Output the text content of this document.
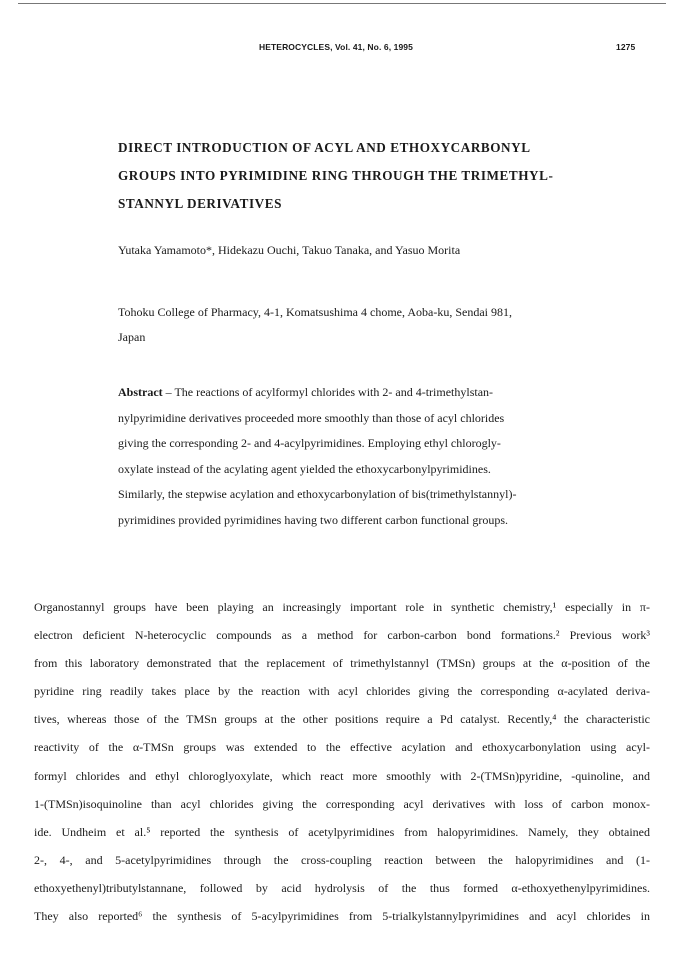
HETEROCYCLES, Vol. 41, No. 6, 1995	1275
DIRECT INTRODUCTION OF ACYL AND ETHOXYCARBONYL
GROUPS INTO PYRIMIDINE RING THROUGH THE TRIMETHYL-
STANNYL DERIVATIVES
Yutaka Yamamoto*, Hidekazu Ouchi, Takuo Tanaka, and Yasuo Morita
Tohoku College of Pharmacy, 4-1, Komatsushima 4 chome, Aoba-ku, Sendai 981,
Japan
Abstract – The reactions of acylformyl chlorides with 2- and 4-trimethylstan-
nylpyrimidine derivatives proceeded more smoothly than those of acyl chlorides
giving the corresponding 2- and 4-acylpyrimidines. Employing ethyl chlorogly-
oxylate instead of the acylating agent yielded the ethoxycarbonylpyrimidines.
Similarly, the stepwise acylation and ethoxycarbonylation of bis(trimethylstannyl)-
pyrimidines provided pyrimidines having two different carbon functional groups.
Organostannyl groups have been playing an increasingly important role in synthetic chemistry,¹ especially in π-
electron deficient N-heterocyclic compounds as a method for carbon-carbon bond formations.² Previous work³
from this laboratory demonstrated that the replacement of trimethylstannyl (TMSn) groups at the α-position of the
pyridine ring readily takes place by the reaction with acyl chlorides giving the corresponding α-acylated deriva-
tives, whereas those of the TMSn groups at the other positions require a Pd catalyst. Recently,⁴ the characteristic
reactivity of the α-TMSn groups was extended to the effective acylation and ethoxycarbonylation using acyl-
formyl chlorides and ethyl chloroglyoxylate, which react more smoothly with 2-(TMSn)pyridine, -quinoline, and
1-(TMSn)isoquinoline than acyl chlorides giving the corresponding acyl derivatives with loss of carbon monox-
ide. Undheim et al.⁵ reported the synthesis of acetylpyrimidines from halopyrimidines. Namely, they obtained
2-, 4-, and 5-acetylpyrimidines through the cross-coupling reaction between the halopyrimidines and (1-
ethoxyethenyl)tributylstannane, followed by acid hydrolysis of the thus formed α-ethoxyethenylpyrimidines.
They also reported⁶ the synthesis of 5-acylpyrimidines from 5-trialkylstannylpyrimidines and acyl chlorides in
